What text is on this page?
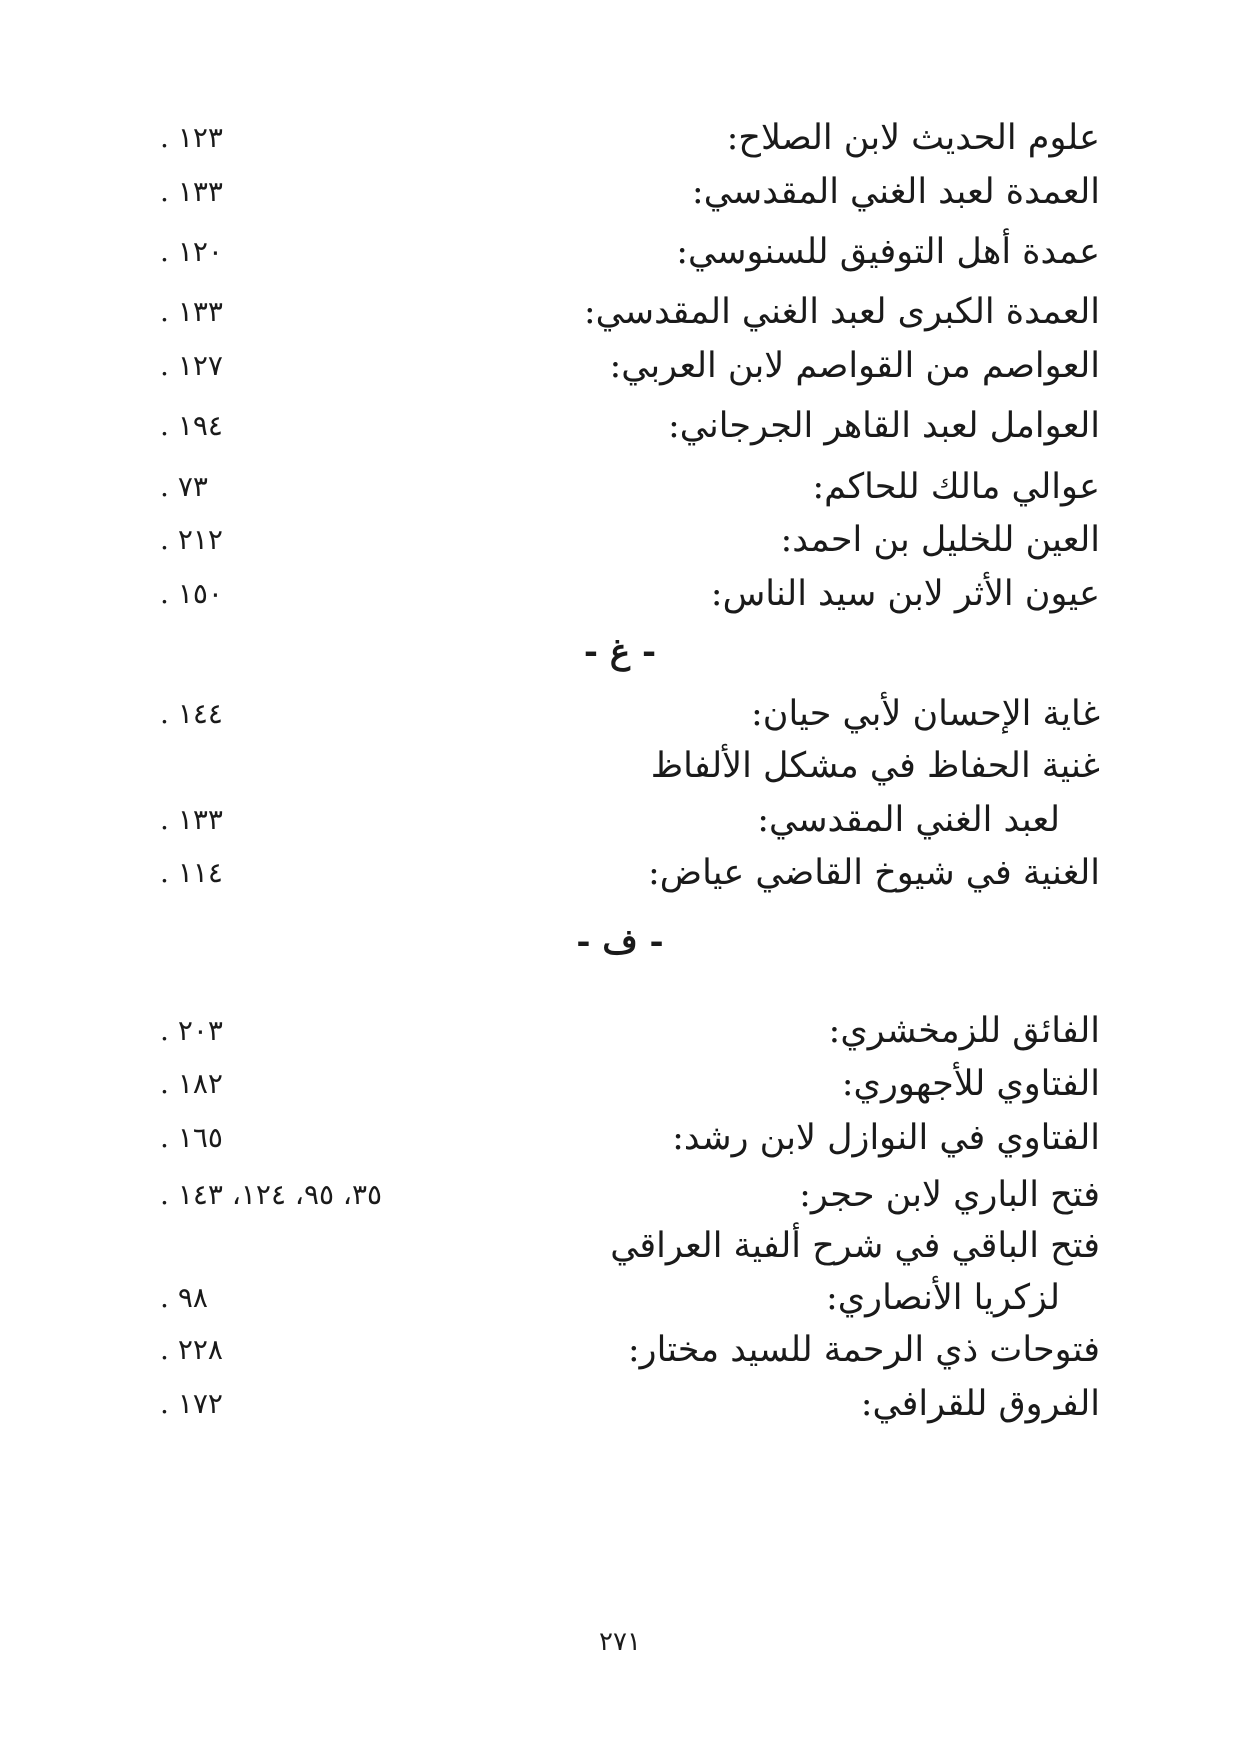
علوم الحديث لابن الصلاح:
١٢٣ .
العمدة لعبد الغني المقدسي:
١٣٣ .
عمدة أهل التوفيق للسنوسي:
١٢٠ .
العمدة الكبرى لعبد الغني المقدسي:
١٣٣ .
العواصم من القواصم لابن العربي:
١٢٧ .
العوامل لعبد القاهر الجرجاني:
١٩٤ .
عوالي مالك للحاكم:
٧٣ .
العين للخليل بن احمد:
٢١٢ .
عيون الأثر لابن سيد الناس:
١٥٠ .
- غ -
غاية الإحسان لأبي حيان:
١٤٤ .
غنية الحفاظ في مشكل الألفاظ
لعبد الغني المقدسي:
١٣٣ .
الغنية في شيوخ القاضي عياض:
١١٤ .
- ف -
الفائق للزمخشري:
٢٠٣ .
الفتاوي للأجهوري:
١٨٢ .
الفتاوي في النوازل لابن رشد:
١٦٥ .
فتح الباري لابن حجر:
٣٥، ٩٥، ١٢٤، ١٤٣ .
فتح الباقي في شرح ألفية العراقي
لزكريا الأنصاري:
٩٨ .
فتوحات ذي الرحمة للسيد مختار:
٢٢٨ .
الفروق للقرافي:
١٧٢ .
٢٧١
